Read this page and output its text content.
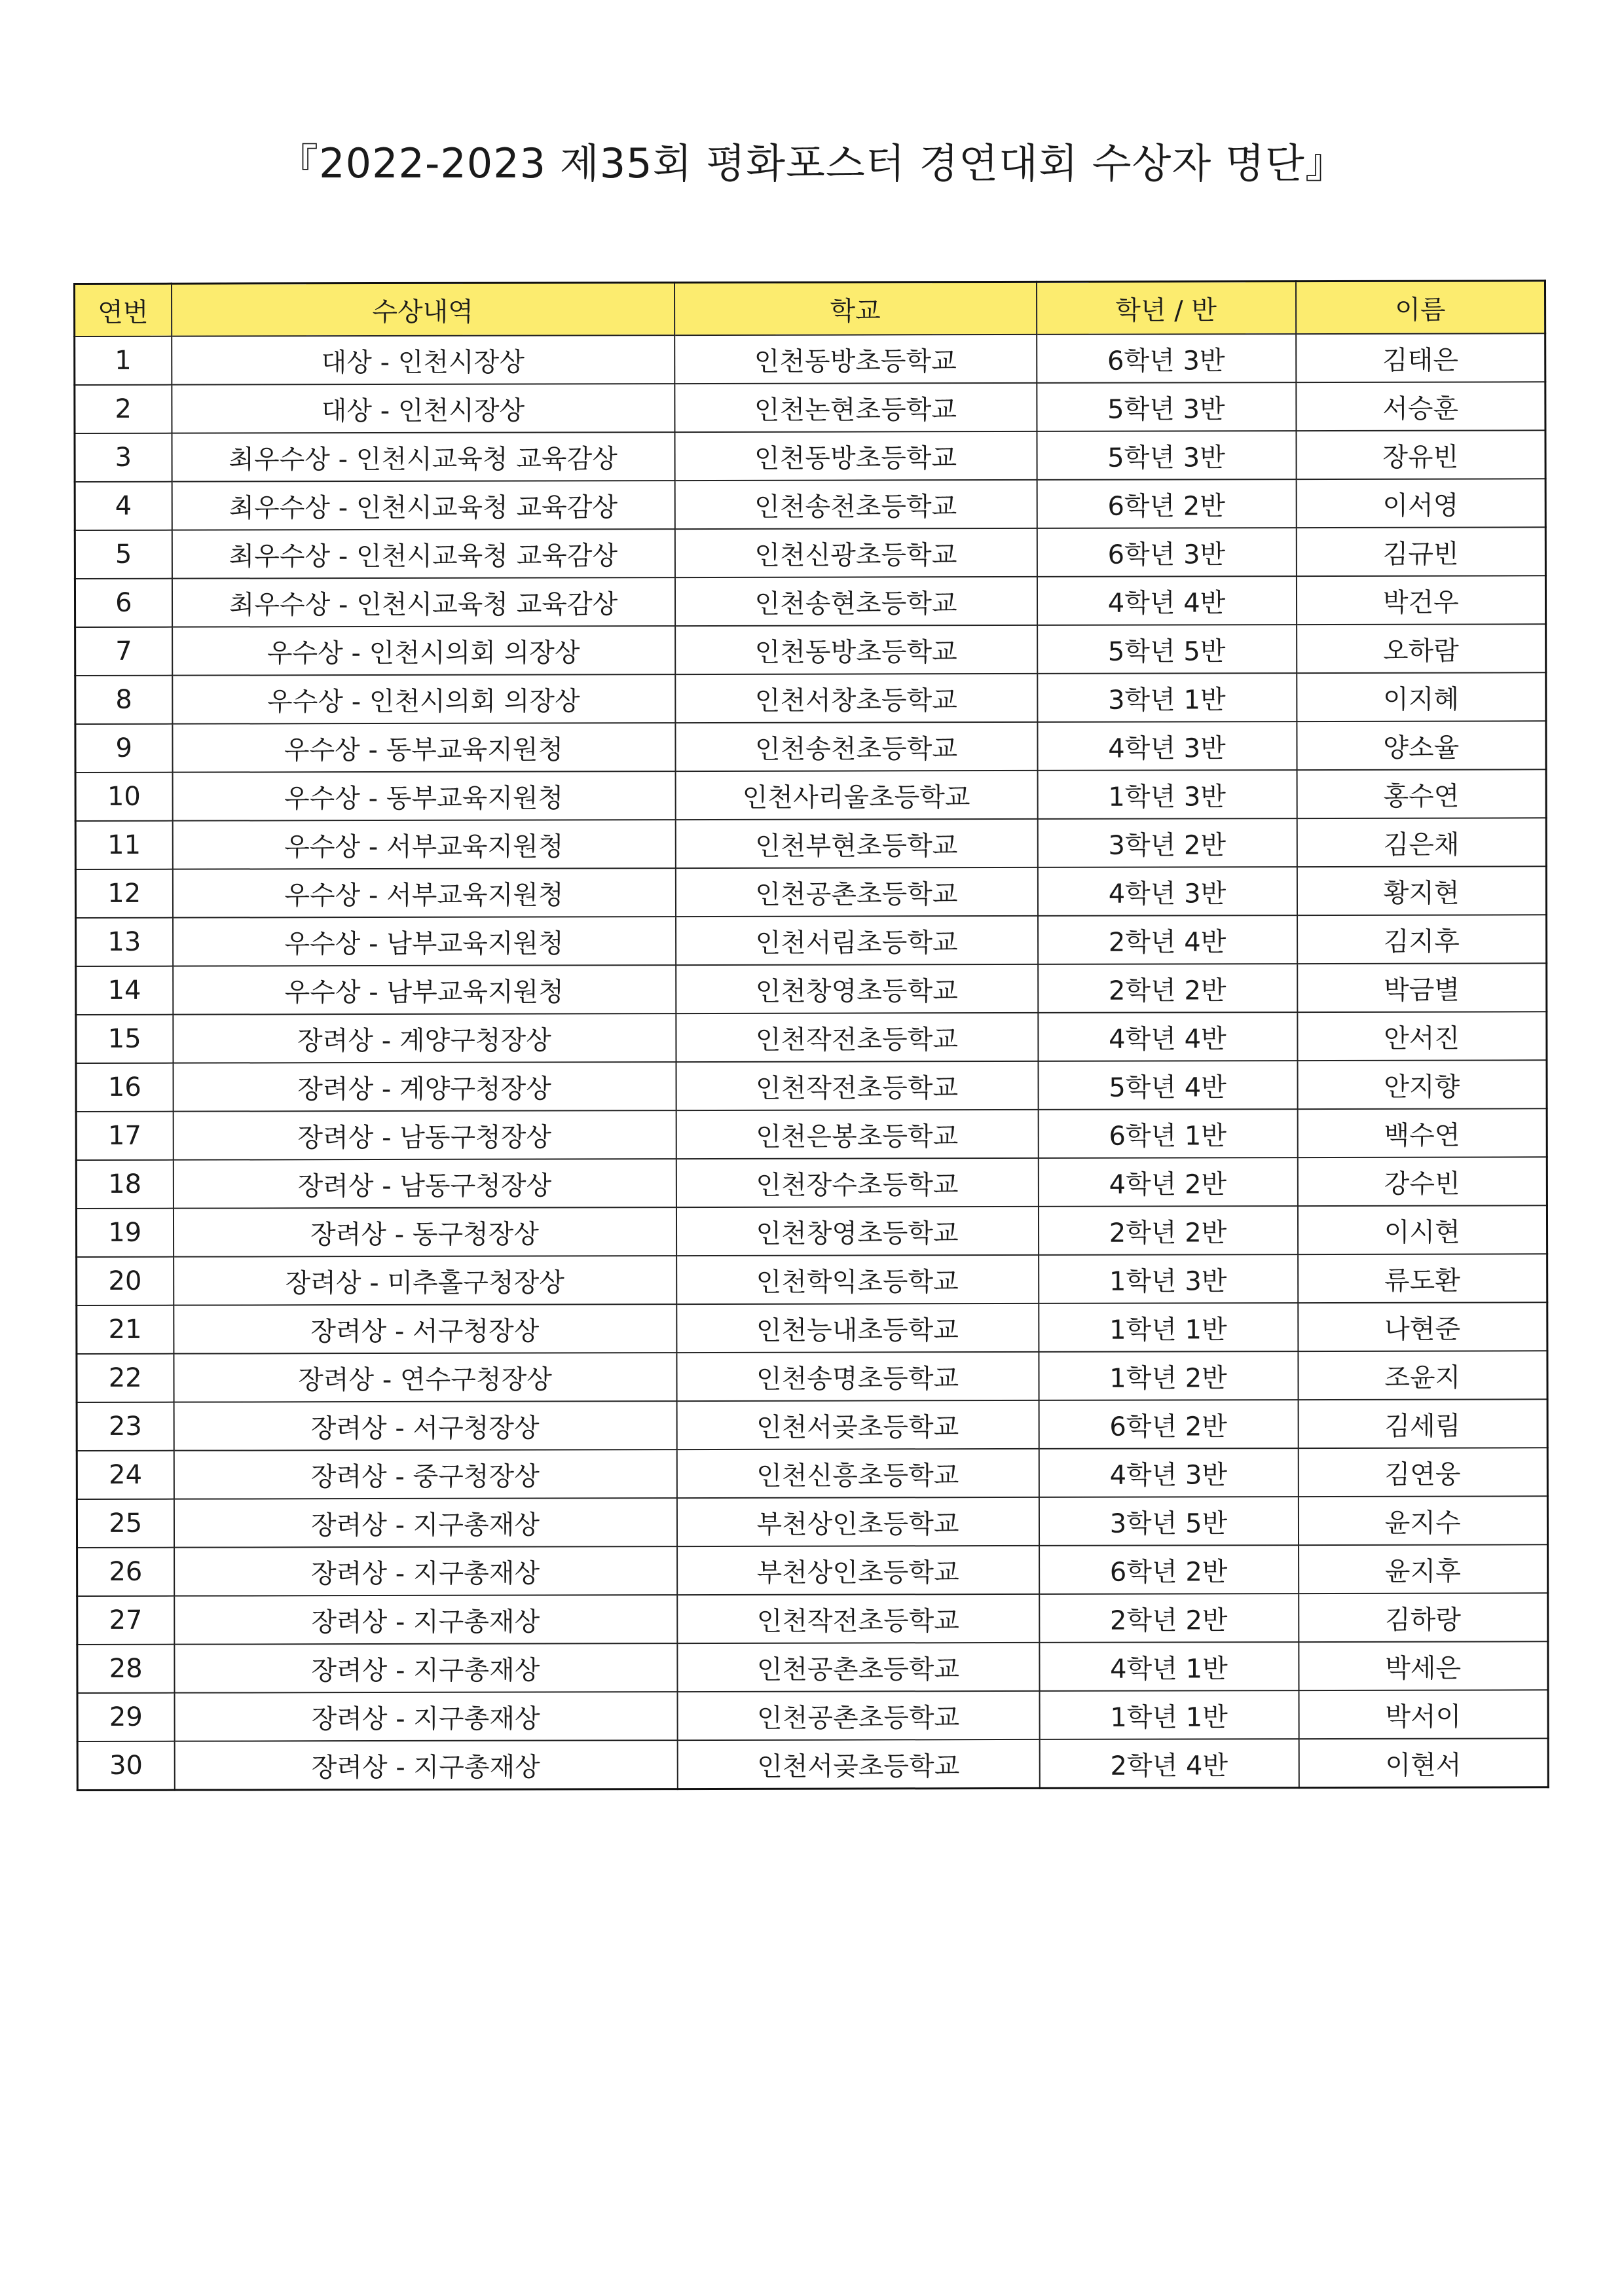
『2022-2023 제35회 평화포스터 경연대회 수상자 명단』
연번	수상내역	학교	학년 / 반	이름
1	대상 - 인천시장상	인천동방초등학교	6학년 3반	김태은
2	대상 - 인천시장상	인천논현초등학교	5학년 3반	서승훈
3	최우수상 - 인천시교육청 교육감상	인천동방초등학교	5학년 3반	장유빈
4	최우수상 - 인천시교육청 교육감상	인천송천초등학교	6학년 2반	이서영
5	최우수상 - 인천시교육청 교육감상	인천신광초등학교	6학년 3반	김규빈
6	최우수상 - 인천시교육청 교육감상	인천송현초등학교	4학년 4반	박건우
7	우수상 - 인천시의회 의장상	인천동방초등학교	5학년 5반	오하람
8	우수상 - 인천시의회 의장상	인천서창초등학교	3학년 1반	이지혜
9	우수상 - 동부교육지원청	인천송천초등학교	4학년 3반	양소율
10	우수상 - 동부교육지원청	인천사리울초등학교	1학년 3반	홍수연
11	우수상 - 서부교육지원청	인천부현초등학교	3학년 2반	김은채
12	우수상 - 서부교육지원청	인천공촌초등학교	4학년 3반	황지현
13	우수상 - 남부교육지원청	인천서림초등학교	2학년 4반	김지후
14	우수상 - 남부교육지원청	인천창영초등학교	2학년 2반	박금별
15	장려상 - 계양구청장상	인천작전초등학교	4학년 4반	안서진
16	장려상 - 계양구청장상	인천작전초등학교	5학년 4반	안지향
17	장려상 - 남동구청장상	인천은봉초등학교	6학년 1반	백수연
18	장려상 - 남동구청장상	인천장수초등학교	4학년 2반	강수빈
19	장려상 - 동구청장상	인천창영초등학교	2학년 2반	이시현
20	장려상 - 미추홀구청장상	인천학익초등학교	1학년 3반	류도환
21	장려상 - 서구청장상	인천능내초등학교	1학년 1반	나현준
22	장려상 - 연수구청장상	인천송명초등학교	1학년 2반	조윤지
23	장려상 - 서구청장상	인천서곶초등학교	6학년 2반	김세림
24	장려상 - 중구청장상	인천신흥초등학교	4학년 3반	김연웅
25	장려상 - 지구총재상	부천상인초등학교	3학년 5반	윤지수
26	장려상 - 지구총재상	부천상인초등학교	6학년 2반	윤지후
27	장려상 - 지구총재상	인천작전초등학교	2학년 2반	김하랑
28	장려상 - 지구총재상	인천공촌초등학교	4학년 1반	박세은
29	장려상 - 지구총재상	인천공촌초등학교	1학년 1반	박서이
30	장려상 - 지구총재상	인천서곶초등학교	2학년 4반	이현서
